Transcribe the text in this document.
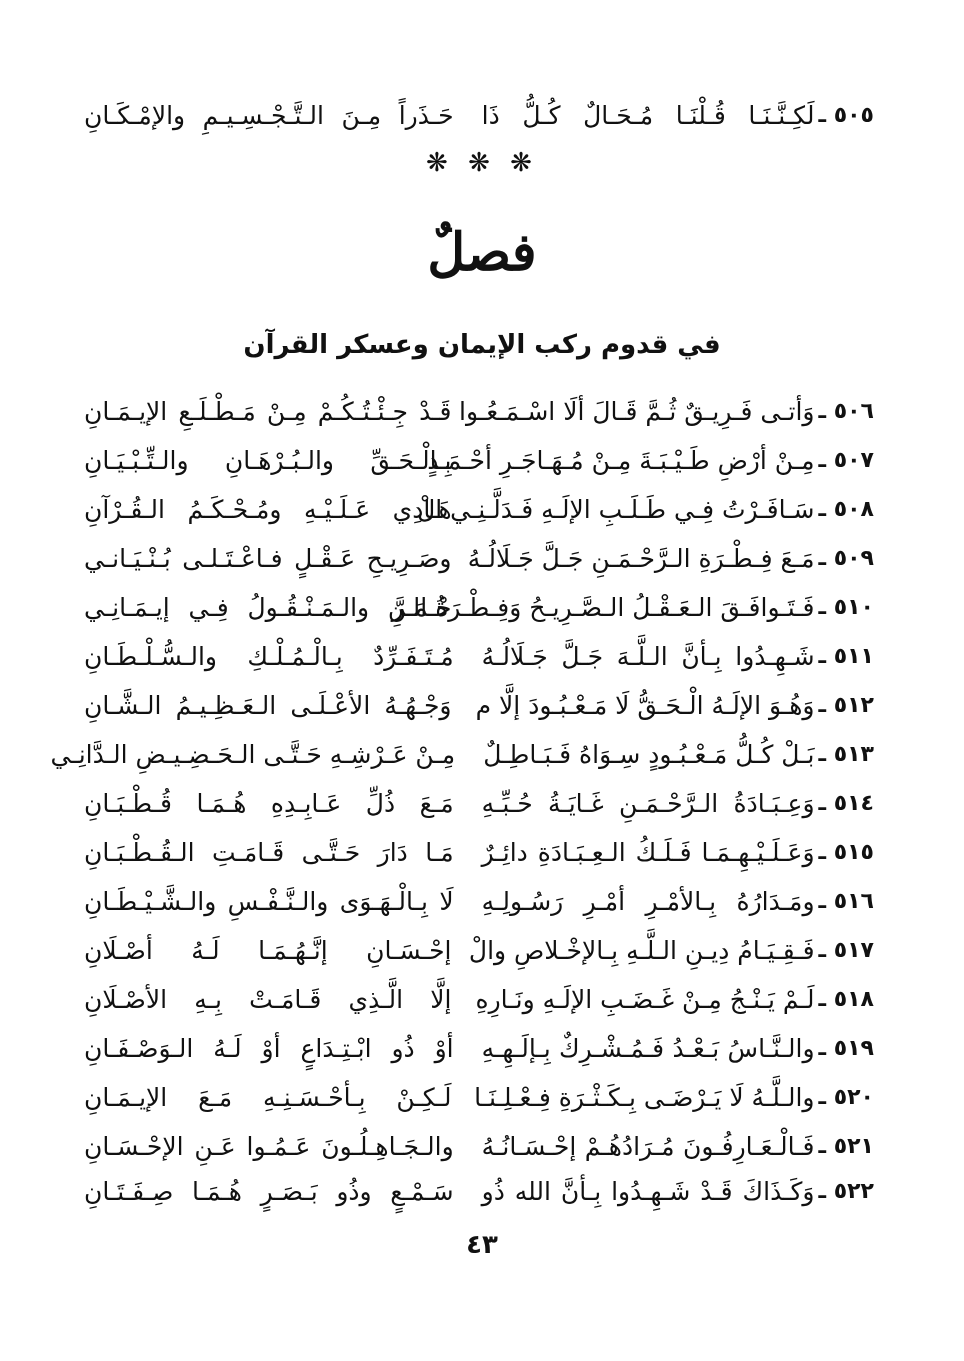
٥٠٥ ـ
لَكِـنَّـنَـا قُـلْنَـا مُـحَـالٌ كُـلُّ ذَا
حَـذَراً مِـنَ الـتَّـجْـسِـيـمِ والإمْـكَـانِ
❋ ❋ ❋
فصلٌ
في قدوم ركب الإيمان وعسكر القرآن
٥٠٦ ـ
وَأتـى فَـرِيـقٌ ثُـمَّ قَـالَ ألَا اسْـمَـعُـوا
قَـدْ جِـئْـتُـكُـمْ مِـنْ مَـطْـلَـعِ الإيـمَـانِ
٥٠٧ ـ
مِـنْ أرْضِ طَـيْـبَـةَ مِـنْ مُـهَـاجَـرِ أحْـمَـدٍ
بِـالْـحَـقِّ والـبُـرْهَـانِ والـتِّـبْـيَـانِ
٥٠٨ ـ
سَـافَـرْتُ فِـي طَـلَـبِ الإلَـهِ فَـدَلَّـنِـي الْ
هَـادِي عَـلَـيْـهِ ومُـحْـكَـمُ الـقُـرْآنِ
٥٠٩ ـ
مَـعَ فِـطْـرَةِ الـرَّحْـمَـنِ جَـلَّ جَـلَالُـهُ
وصَـرِيـحِ عَـقْـلٍ فـاعْـتَـلـى بُـنْـيَـانـي
٥١٠ ـ
فَـتَـوافَـقَ الـعَـقْـلُ الـصَّـرِيـحُ وَفِـطْـرَةُ الـرَّ
حْـمَـنِ والـمَـنْـقُـولُ فِـي إيـمَـانِـي
٥١١ ـ
شَـهِـدُوا بِـأنَّ الـلَّـهَ جَـلَّ جَـلَالُـهُ
مُـتَـفَـرِّدٌ بِـالْـمُـلْـكِ والـسُّـلْـطَـانِ
٥١٢ ـ
وَهُـوَ الإلَـهُ الْـحَـقُّ لَا مَـعْـبُـودَ إلَّا م
وَجْـهُـهُ الأعْـلَـى الـعَـظِـيـمُ الـشَّـانِ
٥١٣ ـ
بَـلْ كُـلُّ مَـعْـبُـودٍ سِـوَاهُ فَـبَـاطِـلٌ
مِـنْ عَـرْشِـهِ حَـتَّـى الـحَـضِـيـضِ الـدَّانِـي
٥١٤ ـ
وَعِـبَـادَةُ الـرَّحْـمَـنِ غَـايَـةُ حُـبِّـهِ
مَـعَ ذُلِّ عَـابِـدِهِ هُـمَـا قُـطْـبَـانِ
٥١٥ ـ
وَعَـلَـيْـهِـمَـا فَـلَـكُ الـعِـبَـادَةِ دائِـرٌ
مَـا دَارَ حَـتَّـى قَـامَـتِ الـقُـطْـبَـانِ
٥١٦ ـ
ومَـدَارُهُ بِـالأمْـرِ أمْـرِ رَسُـولِـهِ
لَا بِـالْـهَـوَى والـنَّـفْـسِ والـشَّـيْـطَـانِ
٥١٧ ـ
فَـقِـيَـامُ دِيـنِ الـلَّـهِ بِـالإخْـلاصِ والْ
إحْـسَـانِ إنَّـهُـمَـا لَـهُ أصْـلَانِ
٥١٨ ـ
لَـمْ يَـنْـجُ مِـنْ غَـضَـبِ الإلَـهِ ونَـارِهِ
إلَّا الَّـذِي قَـامَـتْ بِـهِ الأصْـلَانِ
٥١٩ ـ
والـنَّـاسُ بَـعْـدُ فَـمُـشْـرِكٌ بِـإلَـهِـهِ
أوْ ذُو ابْـتِـدَاعٍ أوْ لَـهُ الـوَصْـفَـانِ
٥٢٠ ـ
والـلَّـهُ لَا يَـرْضَـى بِـكَـثْـرَةِ فِـعْـلِـنَـا
لَـكِـنْ بِـأحْـسَـنِـهِ مَـعَ الإيـمَـانِ
٥٢١ ـ
فَـالْـعَـارِفُـونَ مُـرَادُهُـمْ إحْـسَـانُـهُ
والـجَـاهِـلُـونَ عَـمُـوا عَـنِ الإحْـسَـانِ
٥٢٢ ـ
وَكَـذَاكَ قَـدْ شَـهِـدُوا بِـأنَّ الله ذُو
سَـمْـعٍ وذُو بَـصَـرٍ هُـمَـا صِـفَـتَـانِ
٤٣
